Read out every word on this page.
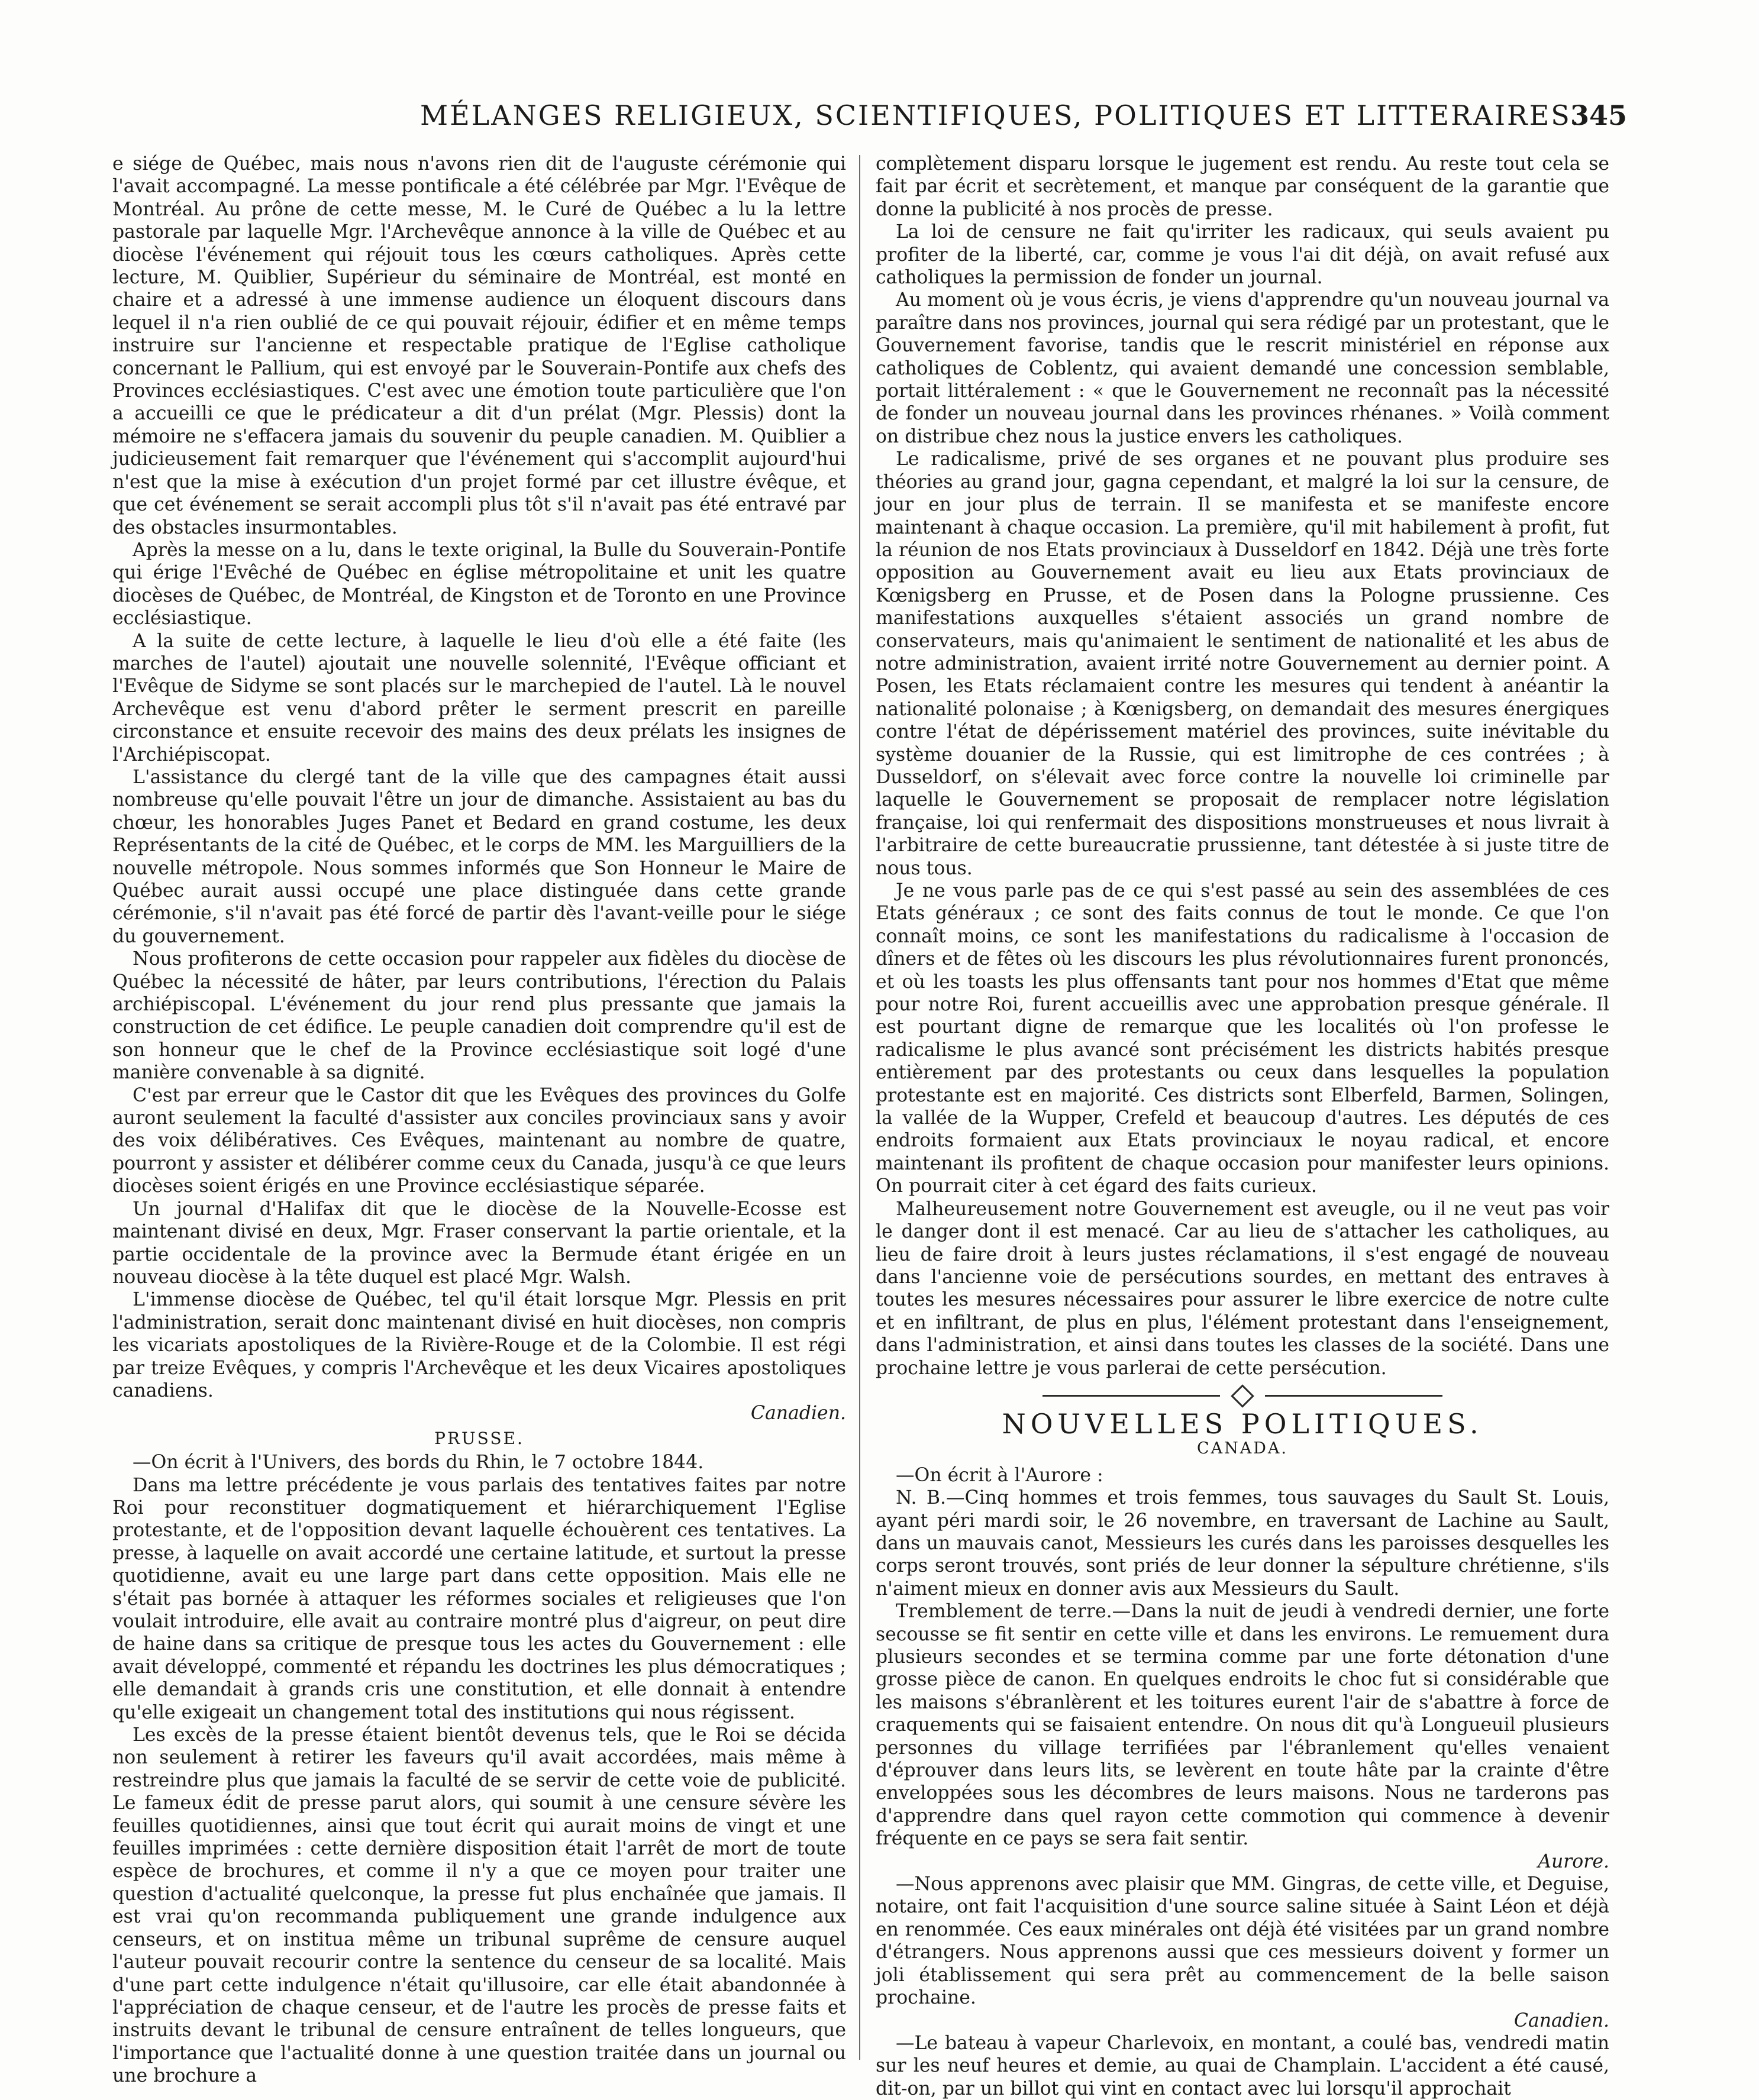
MÉLANGES RELIGIEUX, SCIENTIFIQUES, POLITIQUES ET LITTERAIRES.
345

e siége de Québec, mais nous n'avons rien dit de l'auguste cérémonie qui l'avait accompagné. La messe pontificale a été célébrée par Mgr. l'Evêque de Montréal. Au prône de cette messe, M. le Curé de Québec a lu la lettre pastorale par laquelle Mgr. l'Archevêque annonce à la ville de Québec et au diocèse l'événement qui réjouit tous les cœurs catholiques. Après cette lecture, M. Quiblier, Supérieur du séminaire de Montréal, est monté en chaire et a adressé à une immense audience un éloquent discours dans lequel il n'a rien oublié de ce qui pouvait réjouir, édifier et en même temps instruire sur l'ancienne et respectable pratique de l'Eglise catholique concernant le Pallium, qui est envoyé par le Souverain-Pontife aux chefs des Provinces ecclésiastiques. C'est avec une émotion toute particulière que l'on a accueilli ce que le prédicateur a dit d'un prélat (Mgr. Plessis) dont la mémoire ne s'effacera jamais du souvenir du peuple canadien. M. Quiblier a judicieusement fait remarquer que l'événement qui s'accomplit aujourd'hui n'est que la mise à exécution d'un projet formé par cet illustre évêque, et que cet événement se serait accompli plus tôt s'il n'avait pas été entravé par des obstacles insurmontables.

Après la messe on a lu, dans le texte original, la Bulle du Souverain-Pontife qui érige l'Evêché de Québec en église métropolitaine et unit les quatre diocèses de Québec, de Montréal, de Kingston et de Toronto en une Province ecclésiastique.

A la suite de cette lecture, à laquelle le lieu d'où elle a été faite (les marches de l'autel) ajoutait une nouvelle solennité, l'Evêque officiant et l'Evêque de Sidyme se sont placés sur le marchepied de l'autel. Là le nouvel Archevêque est venu d'abord prêter le serment prescrit en pareille circonstance et ensuite recevoir des mains des deux prélats les insignes de l'Archiépiscopat.

L'assistance du clergé tant de la ville que des campagnes était aussi nombreuse qu'elle pouvait l'être un jour de dimanche. Assistaient au bas du chœur, les honorables Juges Panet et Bedard en grand costume, les deux Représentants de la cité de Québec, et le corps de MM. les Marguilliers de la nouvelle métropole. Nous sommes informés que Son Honneur le Maire de Québec aurait aussi occupé une place distinguée dans cette grande cérémonie, s'il n'avait pas été forcé de partir dès l'avant-veille pour le siége du gouvernement.

Nous profiterons de cette occasion pour rappeler aux fidèles du diocèse de Québec la nécessité de hâter, par leurs contributions, l'érection du Palais archiépiscopal. L'événement du jour rend plus pressante que jamais la construction de cet édifice. Le peuple canadien doit comprendre qu'il est de son honneur que le chef de la Province ecclésiastique soit logé d'une manière convenable à sa dignité.

C'est par erreur que le Castor dit que les Evêques des provinces du Golfe auront seulement la faculté d'assister aux conciles provinciaux sans y avoir des voix délibératives. Ces Evêques, maintenant au nombre de quatre, pourront y assister et délibérer comme ceux du Canada, jusqu'à ce que leurs diocèses soient érigés en une Province ecclésiastique séparée.

Un journal d'Halifax dit que le diocèse de la Nouvelle-Ecosse est maintenant divisé en deux, Mgr. Fraser conservant la partie orientale, et la partie occidentale de la province avec la Bermude étant érigée en un nouveau diocèse à la tête duquel est placé Mgr. Walsh.

L'immense diocèse de Québec, tel qu'il était lorsque Mgr. Plessis en prit l'administration, serait donc maintenant divisé en huit diocèses, non compris les vicariats apostoliques de la Rivière-Rouge et de la Colombie. Il est régi par treize Evêques, y compris l'Archevêque et les deux Vicaires apostoliques canadiens.

Canadien.
PRUSSE.

—On écrit à l'Univers, des bords du Rhin, le 7 octobre 1844.

Dans ma lettre précédente je vous parlais des tentatives faites par notre Roi pour reconstituer dogmatiquement et hiérarchiquement l'Eglise protestante, et de l'opposition devant laquelle échouèrent ces tentatives. La presse, à laquelle on avait accordé une certaine latitude, et surtout la presse quotidienne, avait eu une large part dans cette opposition. Mais elle ne s'était pas bornée à attaquer les réformes sociales et religieuses que l'on voulait introduire, elle avait au contraire montré plus d'aigreur, on peut dire de haine dans sa critique de presque tous les actes du Gouvernement : elle avait développé, commenté et répandu les doctrines les plus démocratiques ; elle demandait à grands cris une constitution, et elle donnait à entendre qu'elle exigeait un changement total des institutions qui nous régissent.

Les excès de la presse étaient bientôt devenus tels, que le Roi se décida non seulement à retirer les faveurs qu'il avait accordées, mais même à restreindre plus que jamais la faculté de se servir de cette voie de publicité. Le fameux édit de presse parut alors, qui soumit à une censure sévère les feuilles quotidiennes, ainsi que tout écrit qui aurait moins de vingt et une feuilles imprimées : cette dernière disposition était l'arrêt de mort de toute espèce de brochures, et comme il n'y a que ce moyen pour traiter une question d'actualité quelconque, la presse fut plus enchaînée que jamais. Il est vrai qu'on recommanda publiquement une grande indulgence aux censeurs, et on institua même un tribunal suprême de censure auquel l'auteur pouvait recourir contre la sentence du censeur de sa localité. Mais d'une part cette indulgence n'était qu'illusoire, car elle était abandonnée à l'appréciation de chaque censeur, et de l'autre les procès de presse faits et instruits devant le tribunal de censure entraînent de telles longueurs, que l'importance que l'actualité donne à une question traitée dans un journal ou une brochure a

complètement disparu lorsque le jugement est rendu. Au reste tout cela se fait par écrit et secrètement, et manque par conséquent de la garantie que donne la publicité à nos procès de presse.

La loi de censure ne fait qu'irriter les radicaux, qui seuls avaient pu profiter de la liberté, car, comme je vous l'ai dit déjà, on avait refusé aux catholiques la permission de fonder un journal.

Au moment où je vous écris, je viens d'apprendre qu'un nouveau journal va paraître dans nos provinces, journal qui sera rédigé par un protestant, que le Gouvernement favorise, tandis que le rescrit ministériel en réponse aux catholiques de Coblentz, qui avaient demandé une concession semblable, portait littéralement : « que le Gouvernement ne reconnaît pas la nécessité de fonder un nouveau journal dans les provinces rhénanes. » Voilà comment on distribue chez nous la justice envers les catholiques.

Le radicalisme, privé de ses organes et ne pouvant plus produire ses théories au grand jour, gagna cependant, et malgré la loi sur la censure, de jour en jour plus de terrain. Il se manifesta et se manifeste encore maintenant à chaque occasion. La première, qu'il mit habilement à profit, fut la réunion de nos Etats provinciaux à Dusseldorf en 1842. Déjà une très forte opposition au Gouvernement avait eu lieu aux Etats provinciaux de Kœnigsberg en Prusse, et de Posen dans la Pologne prussienne. Ces manifestations auxquelles s'étaient associés un grand nombre de conservateurs, mais qu'animaient le sentiment de nationalité et les abus de notre administration, avaient irrité notre Gouvernement au dernier point. A Posen, les Etats réclamaient contre les mesures qui tendent à anéantir la nationalité polonaise ; à Kœnigsberg, on demandait des mesures énergiques contre l'état de dépérissement matériel des provinces, suite inévitable du système douanier de la Russie, qui est limitrophe de ces contrées ; à Dusseldorf, on s'élevait avec force contre la nouvelle loi criminelle par laquelle le Gouvernement se proposait de remplacer notre législation française, loi qui renfermait des dispositions monstrueuses et nous livrait à l'arbitraire de cette bureaucratie prussienne, tant détestée à si juste titre de nous tous.

Je ne vous parle pas de ce qui s'est passé au sein des assemblées de ces Etats généraux ; ce sont des faits connus de tout le monde. Ce que l'on connaît moins, ce sont les manifestations du radicalisme à l'occasion de dîners et de fêtes où les discours les plus révolutionnaires furent prononcés, et où les toasts les plus offensants tant pour nos hommes d'Etat que même pour notre Roi, furent accueillis avec une approbation presque générale. Il est pourtant digne de remarque que les localités où l'on professe le radicalisme le plus avancé sont précisément les districts habités presque entièrement par des protestants ou ceux dans lesquelles la population protestante est en majorité. Ces districts sont Elberfeld, Barmen, Solingen, la vallée de la Wupper, Crefeld et beaucoup d'autres. Les députés de ces endroits formaient aux Etats provinciaux le noyau radical, et encore maintenant ils profitent de chaque occasion pour manifester leurs opinions. On pourrait citer à cet égard des faits curieux.

Malheureusement notre Gouvernement est aveugle, ou il ne veut pas voir le danger dont il est menacé. Car au lieu de s'attacher les catholiques, au lieu de faire droit à leurs justes réclamations, il s'est engagé de nouveau dans l'ancienne voie de persécutions sourdes, en mettant des entraves à toutes les mesures nécessaires pour assurer le libre exercice de notre culte et en infiltrant, de plus en plus, l'élément protestant dans l'enseignement, dans l'administration, et ainsi dans toutes les classes de la société. Dans une prochaine lettre je vous parlerai de cette persécution.

NOUVELLES POLITIQUES.
CANADA.

—On écrit à l'Aurore :

N. B.—Cinq hommes et trois femmes, tous sauvages du Sault St. Louis, ayant péri mardi soir, le 26 novembre, en traversant de Lachine au Sault, dans un mauvais canot, Messieurs les curés dans les paroisses desquelles les corps seront trouvés, sont priés de leur donner la sépulture chrétienne, s'ils n'aiment mieux en donner avis aux Messieurs du Sault.

Tremblement de terre.—Dans la nuit de jeudi à vendredi dernier, une forte secousse se fit sentir en cette ville et dans les environs. Le remuement dura plusieurs secondes et se termina comme par une forte détonation d'une grosse pièce de canon. En quelques endroits le choc fut si considérable que les maisons s'ébranlèrent et les toitures eurent l'air de s'abattre à force de craquements qui se faisaient entendre. On nous dit qu'à Longueuil plusieurs personnes du village terrifiées par l'ébranlement qu'elles venaient d'éprouver dans leurs lits, se levèrent en toute hâte par la crainte d'être enveloppées sous les décombres de leurs maisons. Nous ne tarderons pas d'apprendre dans quel rayon cette commotion qui commence à devenir fréquente en ce pays se sera fait sentir.

Aurore.

—Nous apprenons avec plaisir que MM. Gingras, de cette ville, et Deguise, notaire, ont fait l'acquisition d'une source saline située à Saint Léon et déjà en renommée. Ces eaux minérales ont déjà été visitées par un grand nombre d'étrangers. Nous apprenons aussi que ces messieurs doivent y former un joli établissement qui sera prêt au commencement de la belle saison prochaine.

Canadien.

—Le bateau à vapeur Charlevoix, en montant, a coulé bas, vendredi matin sur les neuf heures et demie, au quai de Champlain. L'accident a été causé, dit-on, par un billot qui vint en contact avec lui lorsqu'il approchait
